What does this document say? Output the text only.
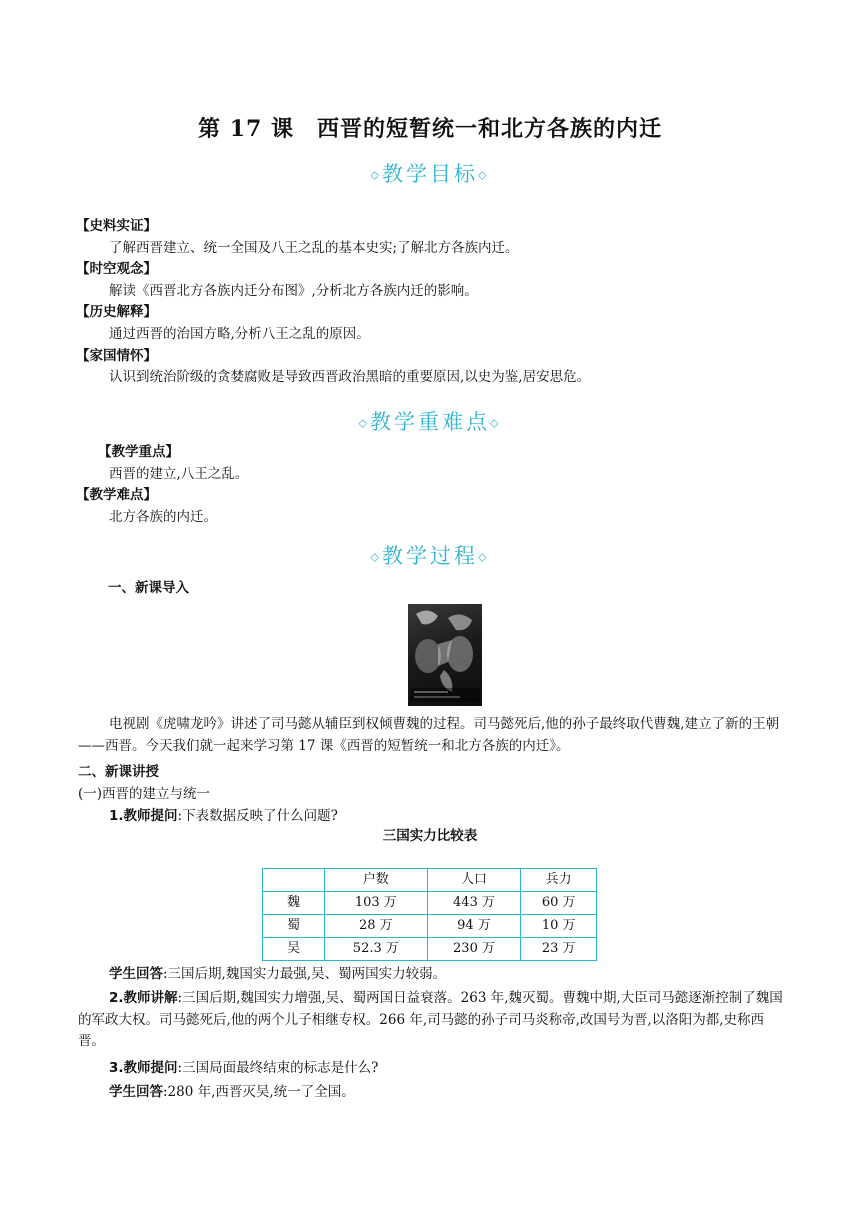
第 17 课　西晋的短暂统一和北方各族的内迁
◇教学目标◇
【史料实证】
了解西晋建立、统一全国及八王之乱的基本史实;了解北方各族内迁。
【时空观念】
解读《西晋北方各族内迁分布图》,分析北方各族内迁的影响。
【历史解释】
通过西晋的治国方略,分析八王之乱的原因。
【家国情怀】
认识到统治阶级的贪婪腐败是导致西晋政治黑暗的重要原因,以史为鉴,居安思危。
◇教学重难点◇
【教学重点】
西晋的建立,八王之乱。
【教学难点】
北方各族的内迁。
◇教学过程◇
一、新课导入
电视剧《虎啸龙吟》讲述了司马懿从辅臣到权倾曹魏的过程。司马懿死后,他的孙子最终取代曹魏,建立了新的王朝——西晋。今天我们就一起来学习第 17 课《西晋的短暂统一和北方各族的内迁》。
二、新课讲授
(一)西晋的建立与统一
1.教师提问:下表数据反映了什么问题?
三国实力比较表
	户数	人口	兵力
魏	103 万	443 万	60 万
蜀	28 万	94 万	10 万
吴	52.3 万	230 万	23 万
学生回答:三国后期,魏国实力最强,吴、蜀两国实力较弱。
2.教师讲解:三国后期,魏国实力增强,吴、蜀两国日益衰落。263 年,魏灭蜀。曹魏中期,大臣司马懿逐渐控制了魏国的军政大权。司马懿死后,他的两个儿子相继专权。266 年,司马懿的孙子司马炎称帝,改国号为晋,以洛阳为都,史称西晋。
3.教师提问:三国局面最终结束的标志是什么?
学生回答:280 年,西晋灭吴,统一了全国。
